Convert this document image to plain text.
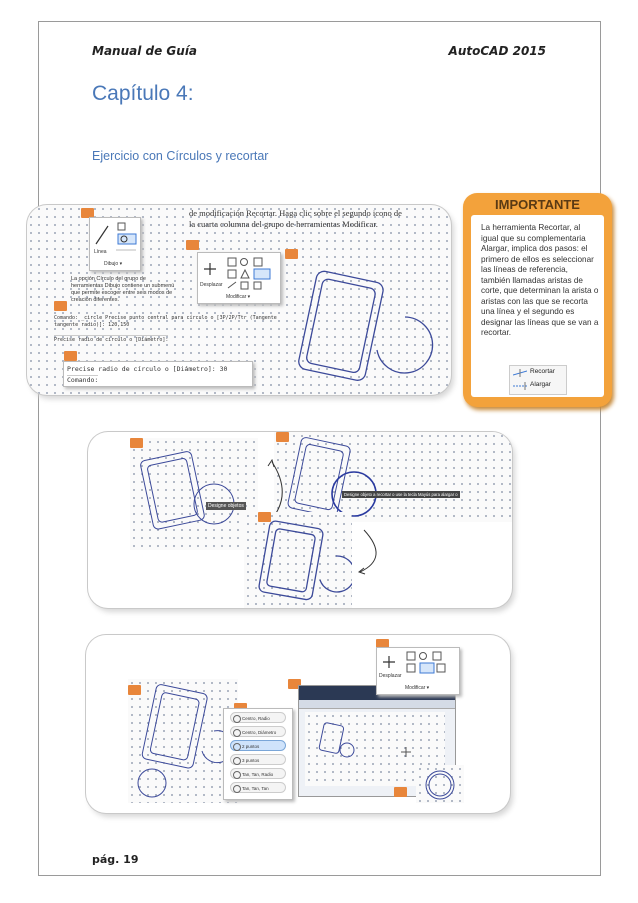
Manual de Guía	AutoCAD 2015
Capítulo 4:
Ejercicio con Círculos y recortar
de modificación Recortar. Haga clic sobre el segundo icono de
la cuarta columna del grupo de herramientas Modificar.
Línea
Dibujo ▾
La opción Círculo del grupo de
herramientas Dibujo contiene un submenú
que permite escoger entre seis modos de
creación diferentes.
Comando: _circle Precise punto central para círculo o [3P/2P/Ttr (Tangente
tangente radio)]: 120,150
Precise radio de círculo o [Diámetro]:
Precise radio de círculo o [Diámetro]: 30
Comando:
Desplazar
Modificar ▾
IMPORTANTE
La herramienta Recortar, al igual que su complementaria Alargar, implica dos pasos: el primero de ellos es seleccionar las líneas de referencia, también llamadas aristas de corte, que determinan la arista o aristas con las que se recorta una línea y el segundo es designar las líneas que se van a recortar.
Recortar
Alargar
Designe objetos
Designe objeto a recortar o use la tecla Mayús para alargar o
Centro, Radio
Centro, Diámetro
2 puntos
3 puntos
Tan, Tan, Radio
Tan, Tan, Tan
Desplazar
Modificar ▾
pág. 19
